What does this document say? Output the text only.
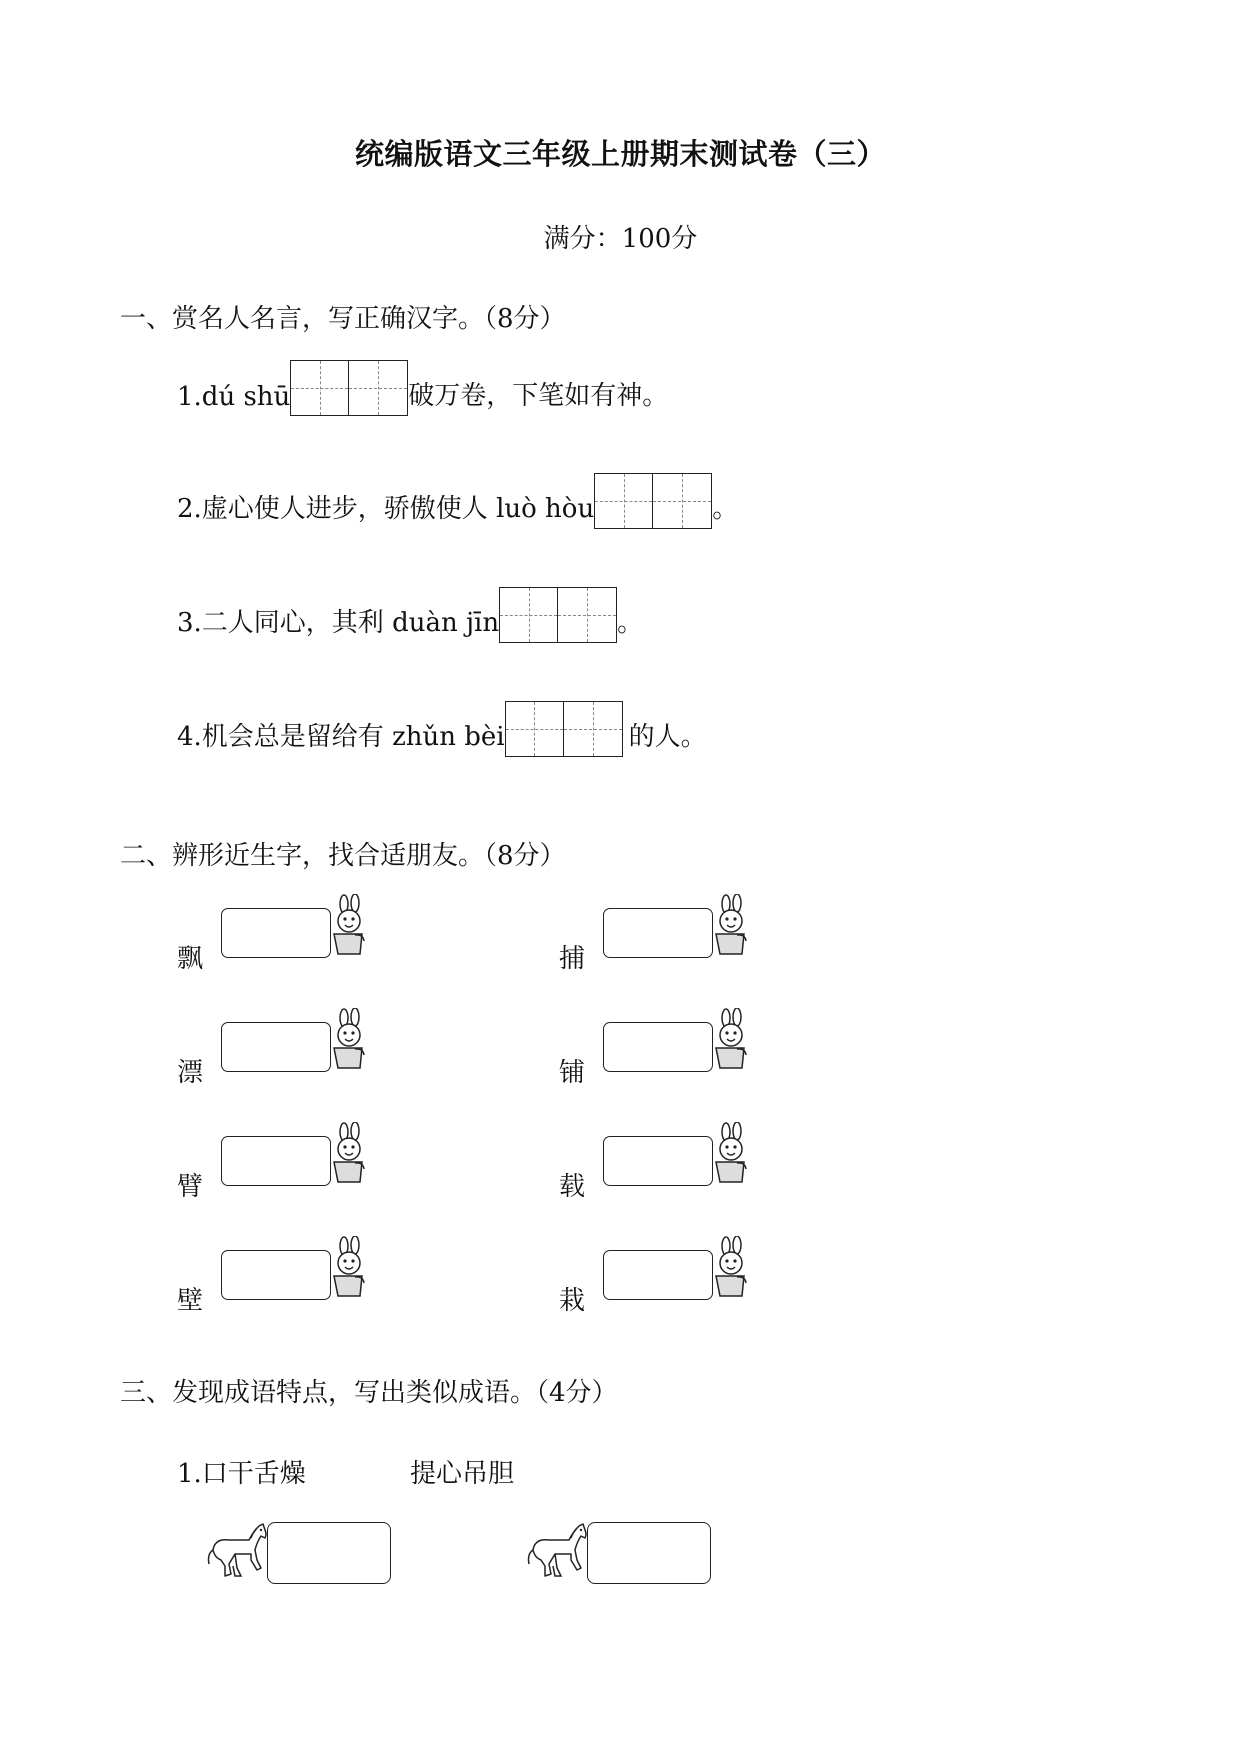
统编版语文三年级上册期末测试卷（三）
满分：100分
一、赏名人名言，写正确汉字。（8分）
1.dú shū	破万卷，下笔如有神。
2.虚心使人进步，骄傲使人 luò hòu	。
3.二人同心，其利 duàn jīn	。
4.机会总是留给有 zhǔn bèi	的人。
二、辨形近生字，找合适朋友。（8分）
飘
漂
臂
壁
捕
铺
载
栽
三、发现成语特点，写出类似成语。（4分）
1.口干舌燥	提心吊胆
